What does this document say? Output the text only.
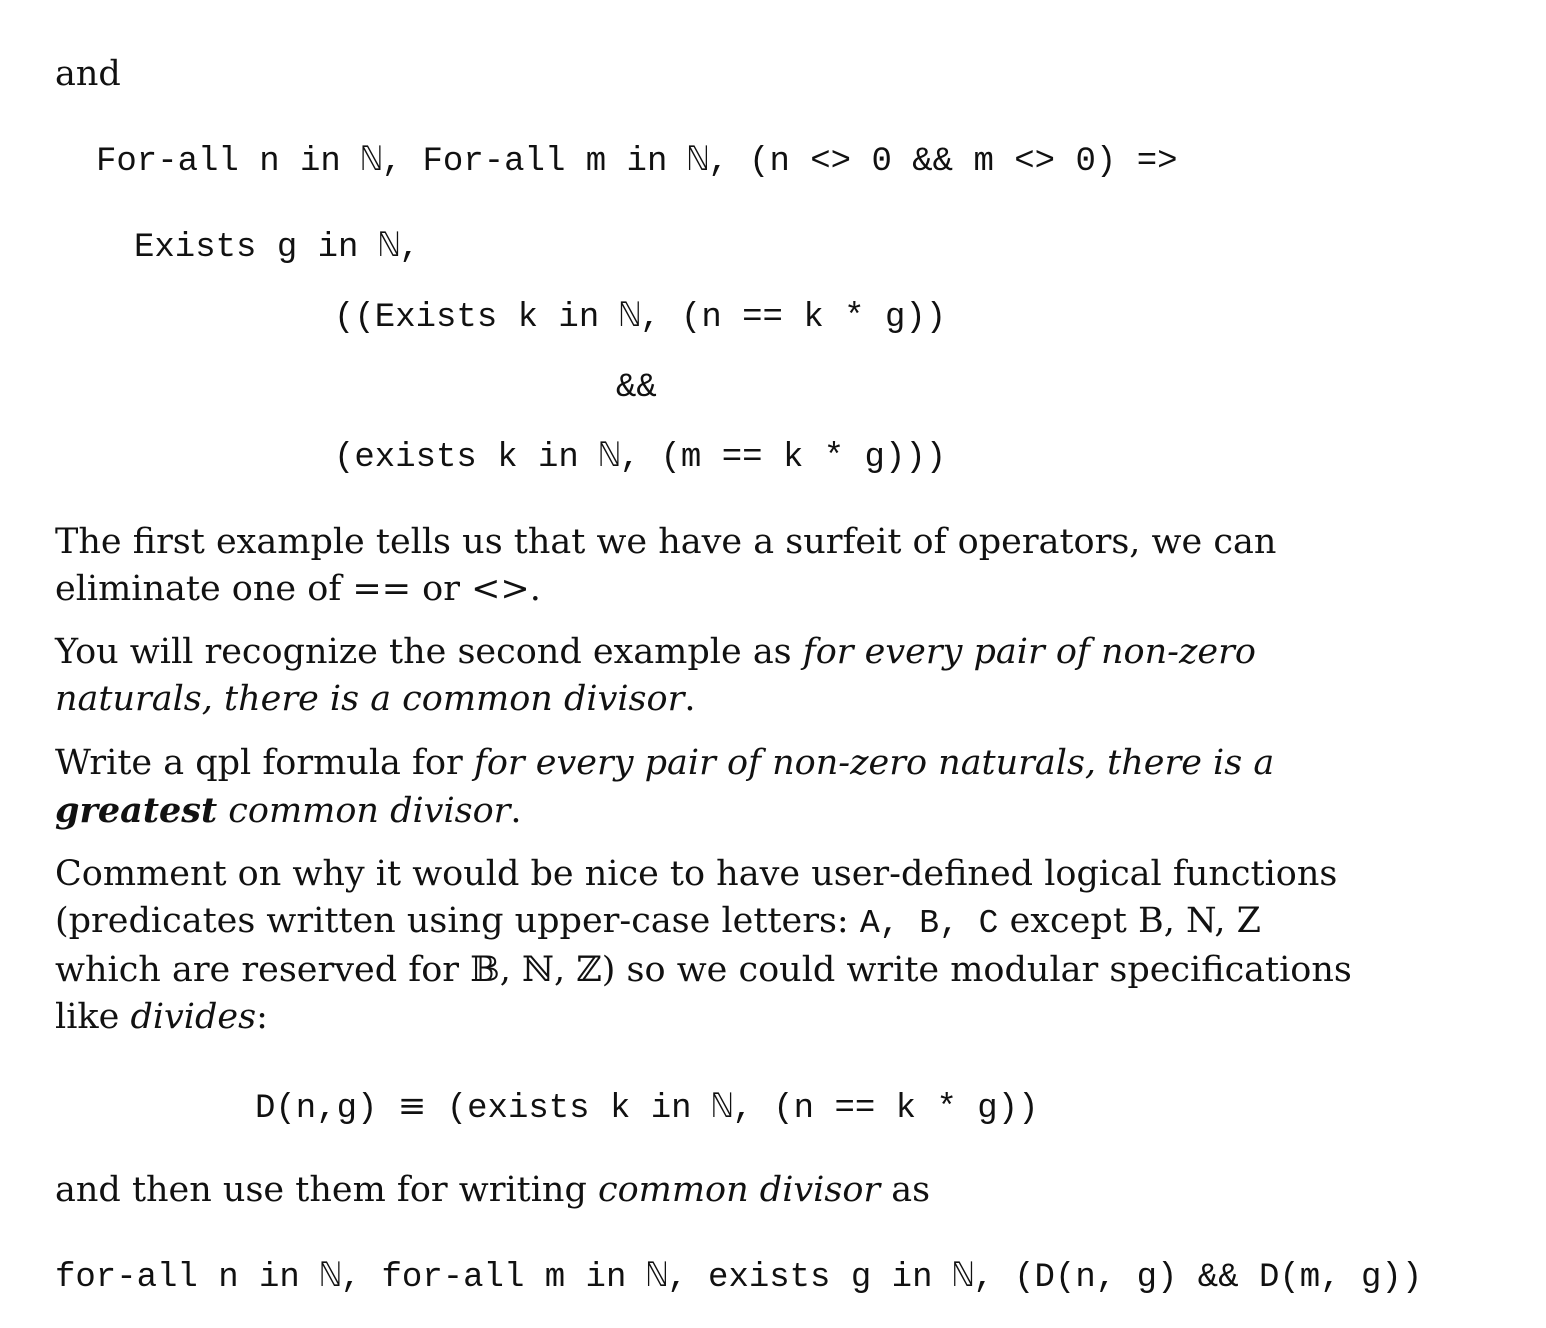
and
For-all n in ℕ, For-all m in ℕ, (n <> 0 && m <> 0) =>
Exists g in ℕ,
((Exists k in ℕ, (n == k * g))
&&
(exists k in ℕ, (m == k * g)))
The first example tells us that we have a surfeit of operators, we can
eliminate one of == or <>.
You will recognize the second example as for every pair of non-zero
naturals, there is a common divisor.
Write a qpl formula for for every pair of non-zero naturals, there is a
greatest common divisor.
Comment on why it would be nice to have user-defined logical functions
(predicates written using upper-case letters: A, B, C except B, N, Z
which are reserved for 𝔹, ℕ, ℤ) so we could write modular specifications
like divides:
D(n,g) ≡ (exists k in ℕ, (n == k * g))
and then use them for writing common divisor as
for-all n in ℕ, for-all m in ℕ, exists g in ℕ, (D(n, g) && D(m, g))
